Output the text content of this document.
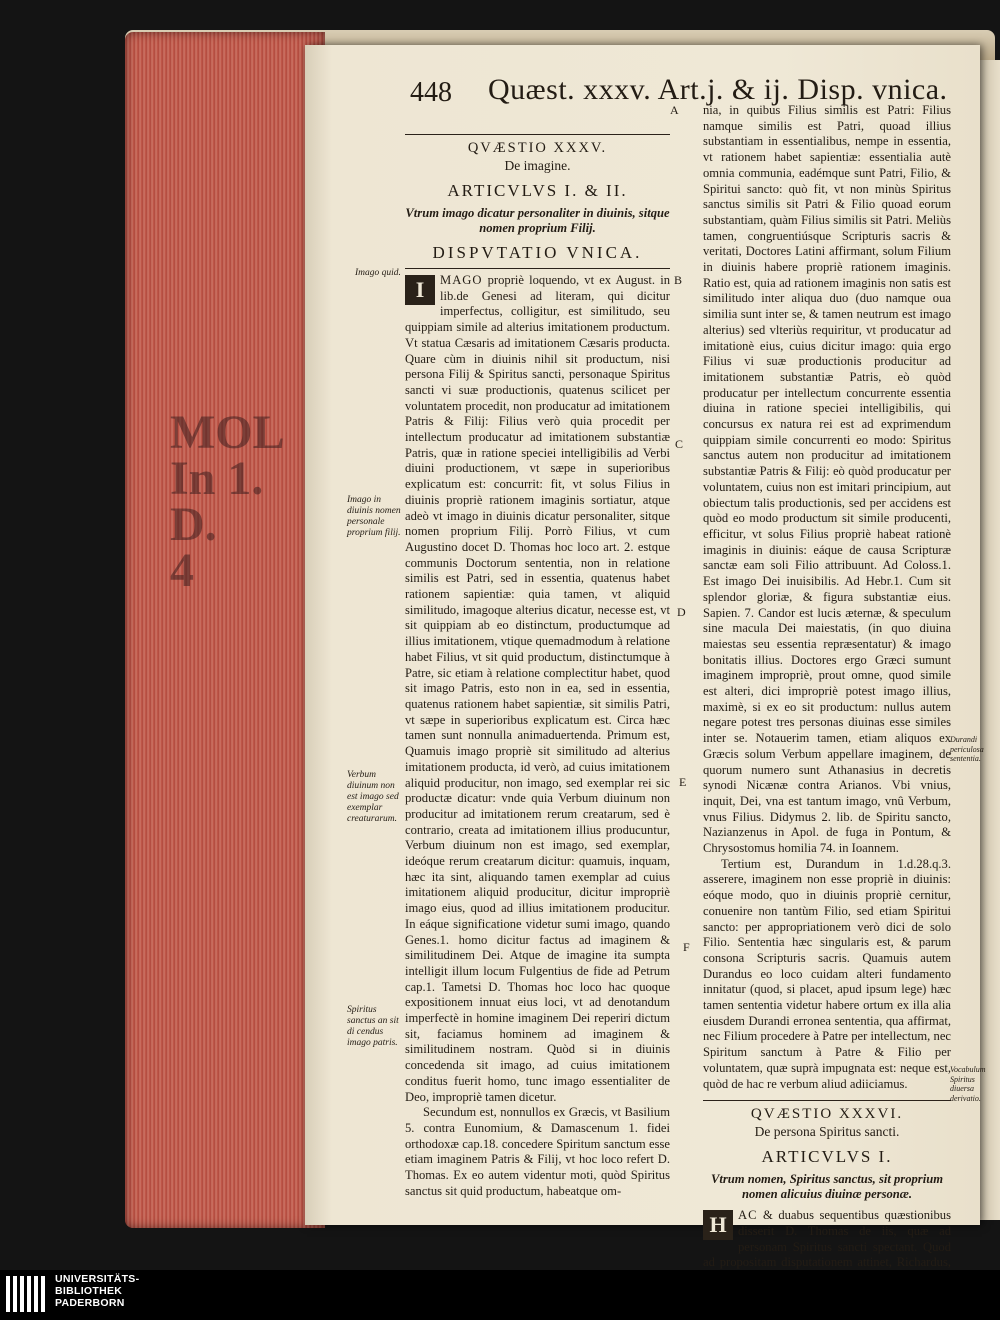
MOL
In 1.
D.
4
448 Quæst. xxxv. Art.j. & ij. Disp. vnica.
QVÆSTIO XXXV.
De imagine.
ARTICVLVS I. & II.
Vtrum imago dicatur personaliter in diuinis, sitque nomen proprium Filij.
DISPVTATIO VNICA.

I	MAGO propriè loquendo, vt ex August. in lib.de Genesi ad literam, qui dicitur imperfectus, colligitur, est similitudo, seu quippiam simile ad alterius imitationem productum. Vt statua Cæsaris ad imitationem Cæsaris producta. Quare cùm in diuinis nihil sit productum, nisi persona Filij & Spiritus sancti, personaque Spiritus sancti vi suæ productionis, quatenus scilicet per voluntatem procedit, non producatur ad imitationem Patris & Filij: Filius verò quia procedit per intellectum producatur ad imitationem substantiæ Patris, quæ in ratione speciei intelligibilis ad Verbi diuini productionem, vt sæpe in superioribus explicatum est: concurrit: fit, vt solus Filius in diuinis propriè rationem imaginis sortiatur, atque adeò vt imago in diuinis dicatur personaliter, sitque nomen proprium Filij. Porrò Filius, vt cum Augustino docet D. Thomas hoc loco art. 2. estque communis Doctorum sententia, non in relatione similis est Patri, sed in essentia, quatenus habet rationem sapientiæ: quia tamen, vt aliquid similitudo, imagoque alterius dicatur, necesse est, vt sit quippiam ab eo distinctum, productumque ad illius imitationem, vtique quemadmodum à relatione habet Filius, vt sit quid productum, distinctumque à Patre, sic etiam à relatione complectitur habet, quod sit imago Patris, esto non in ea, sed in essentia, quatenus rationem habet sapientiæ, sit similis Patri, vt sæpe in superioribus explicatum est. Circa hæc tamen sunt nonnulla animaduertenda. Primum est, Quamuis imago propriè sit similitudo ad alterius imitationem producta, id verò, ad cuius imitationem aliquid producitur, non imago, sed exemplar rei sic productæ dicatur: vnde quia Verbum diuinum non producitur ad imitationem rerum creatarum, sed è contrario, creata ad imitationem illius producuntur, Verbum diuinum non est imago, sed exemplar, ideóque rerum creatarum dicitur: quamuis, inquam, hæc ita sint, aliquando tamen exemplar ad cuius imitationem aliquid producitur, dicitur impropriè imago eius, quod ad illius imitationem producitur. In eáque significatione videtur sumi imago, quando Genes.1. homo dicitur factus ad imaginem & similitudinem Dei. Atque de imagine ita sumpta intelligit illum locum Fulgentius de fide ad Petrum cap.1. Tametsi D. Thomas hoc loco hac quoque expositionem innuat eius loci, vt ad denotandum imperfectè in homine imaginem Dei reperiri dictum sit, faciamus hominem ad imaginem & similitudinem nostram. Quòd si in diuinis concedenda sit imago, ad cuius imitationem conditus fuerit homo, tunc imago essentialiter de Deo, impropriè tamen dicetur.

Secundum est, nonnullos ex Græcis, vt Basilium 5. contra Eunomium, & Damascenum 1. fidei orthodoxæ cap.18. concedere Spiritum sanctum esse etiam imaginem Patris & Filij, vt hoc loco refert D. Thomas. Ex eo autem videntur moti, quòd Spiritus sanctus sit quid productum, habeatque om-

nia, in quibus Filius similis est Patri: Filius namque similis est Patri, quoad illius substantiam in essentialibus, nempe in essentia, vt rationem habet sapientiæ: essentialia autè omnia communia, eadémque sunt Patri, Filio, & Spiritui sancto: quò fit, vt non minùs Spiritus sanctus similis sit Patri & Filio quoad eorum substantiam, quàm Filius similis sit Patri. Meliùs tamen, congruentiúsque Scripturis sacris & veritati, Doctores Latini affirmant, solum Filium in diuinis habere propriè rationem imaginis. Ratio est, quia ad rationem imaginis non satis est similitudo inter aliqua duo (duo namque oua similia sunt inter se, & tamen neutrum est imago alterius) sed vlteriùs requiritur, vt producatur ad imitationè eius, cuius dicitur imago: quia ergo Filius vi suæ productionis producitur ad imitationem substantiæ Patris, eò quòd producatur per intellectum concurrente essentia diuina in ratione speciei intelligibilis, qui concursus ex natura rei est ad exprimendum quippiam simile concurrenti eo modo: Spiritus sanctus autem non producitur ad imitationem substantiæ Patris & Filij: eò quòd producatur per voluntatem, cuius non est imitari principium, aut obiectum talis productionis, sed per accidens est quòd eo modo productum sit simile producenti, efficitur, vt solus Filius propriè habeat rationè imaginis in diuinis: eáque de causa Scripturæ sanctæ eam soli Filio attribuunt. Ad Coloss.1. Est imago Dei inuisibilis. Ad Hebr.1. Cum sit splendor gloriæ, & figura substantiæ eius. Sapien. 7. Candor est lucis æternæ, & speculum sine macula Dei maiestatis, (in quo diuina maiestas seu essentia repræsentatur) & imago bonitatis illius. Doctores ergo Græci sumunt imaginem impropriè, prout omne, quod simile est alteri, dici impropriè potest imago illius, maximè, si ex eo sit productum: nullus autem negare potest tres personas diuinas esse similes inter se. Notauerim tamen, etiam aliquos ex Græcis solum Verbum appellare imaginem, de quorum numero sunt Athanasius in decretis synodi Nicænæ contra Arianos. Vbi vnius, inquit, Dei, vna est tantum imago, vnû Verbum, vnus Filius. Didymus 2. lib. de Spiritu sancto, Nazianzenus in Apol. de fuga in Pontum, & Chrysostomus homilia 74. in Ioannem.

Tertium est, Durandum in 1.d.28.q.3. asserere, imaginem non esse propriè in diuinis: eóque modo, quo in diuinis propriè cernitur, conuenire non tantùm Filio, sed etiam Spiritui sancto: per appropriationem verò dici de solo Filio. Sententia hæc singularis est, & parum consona Scripturis sacris. Quamuis autem Durandus eo loco cuidam alteri fundamento innitatur (quod, si placet, apud ipsum lege) hæc tamen sententia videtur habere ortum ex illa alia eiusdem Durandi erronea sententia, qua affirmat, nec Filium procedere à Patre per intellectum, nec Spiritum sanctum à Patre & Filio per voluntatem, quæ suprà impugnata est: neque est, quòd de hac re verbum aliud adiiciamus.

QVÆSTIO XXXVI.
De persona Spiritus sancti.
ARTICVLVS I.
Vtrum nomen, Spiritus sanctus, sit proprium nomen alicuius diuinæ personæ.

H AC & duabus sequentibus quæstionibus disserit D. Thomas de iis, quæ ad personam Spiritus sancti spectant. Quod ad propositam disputationem attinet, Richardus,

Imago quid.
Imago in diuinis nomen personale proprium filij.
Verbum diuinum non est imago sed exemplar creaturarum.
Spiritus sanctus an sit di cendus imago patris.
Durandi periculosa sententia.
Vocabulum Spiritus diuersa derivatio.
A
B
C
D
E
F
UNIVERSITÄTS-
BIBLIOTHEK
PADERBORN
